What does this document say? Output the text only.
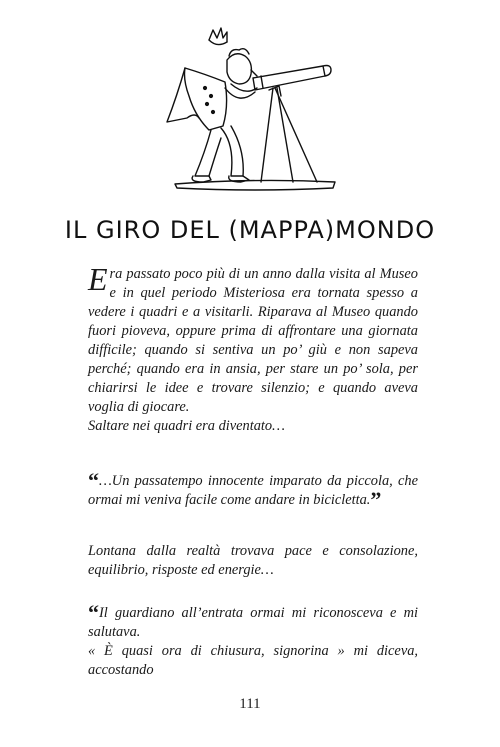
IL GIRO DEL (MAPPA)MONDO

Era passato poco più di un anno dalla visita al Museo e in quel periodo Misteriosa era tornata spesso a vedere i quadri e a visitarli. Riparava al Museo quando fuori pioveva, oppure prima di affrontare una giornata difficile; quando si sentiva un po’ giù e non sapeva perché; quando era in ansia, per stare un po’ sola, per chiarirsi le idee e trovare silenzio; e quando aveva voglia di giocare.

Saltare nei quadri era diventato…

“…Un passatempo innocente imparato da piccola, che ormai mi veniva facile come andare in bicicletta.”

Lontana dalla realtà trovava pace e consolazione, equilibrio, risposte ed energie…

“Il guardiano all’entrata ormai mi riconosceva e mi salutava.

« È quasi ora di chiusura, signorina » mi diceva, accostando

111
